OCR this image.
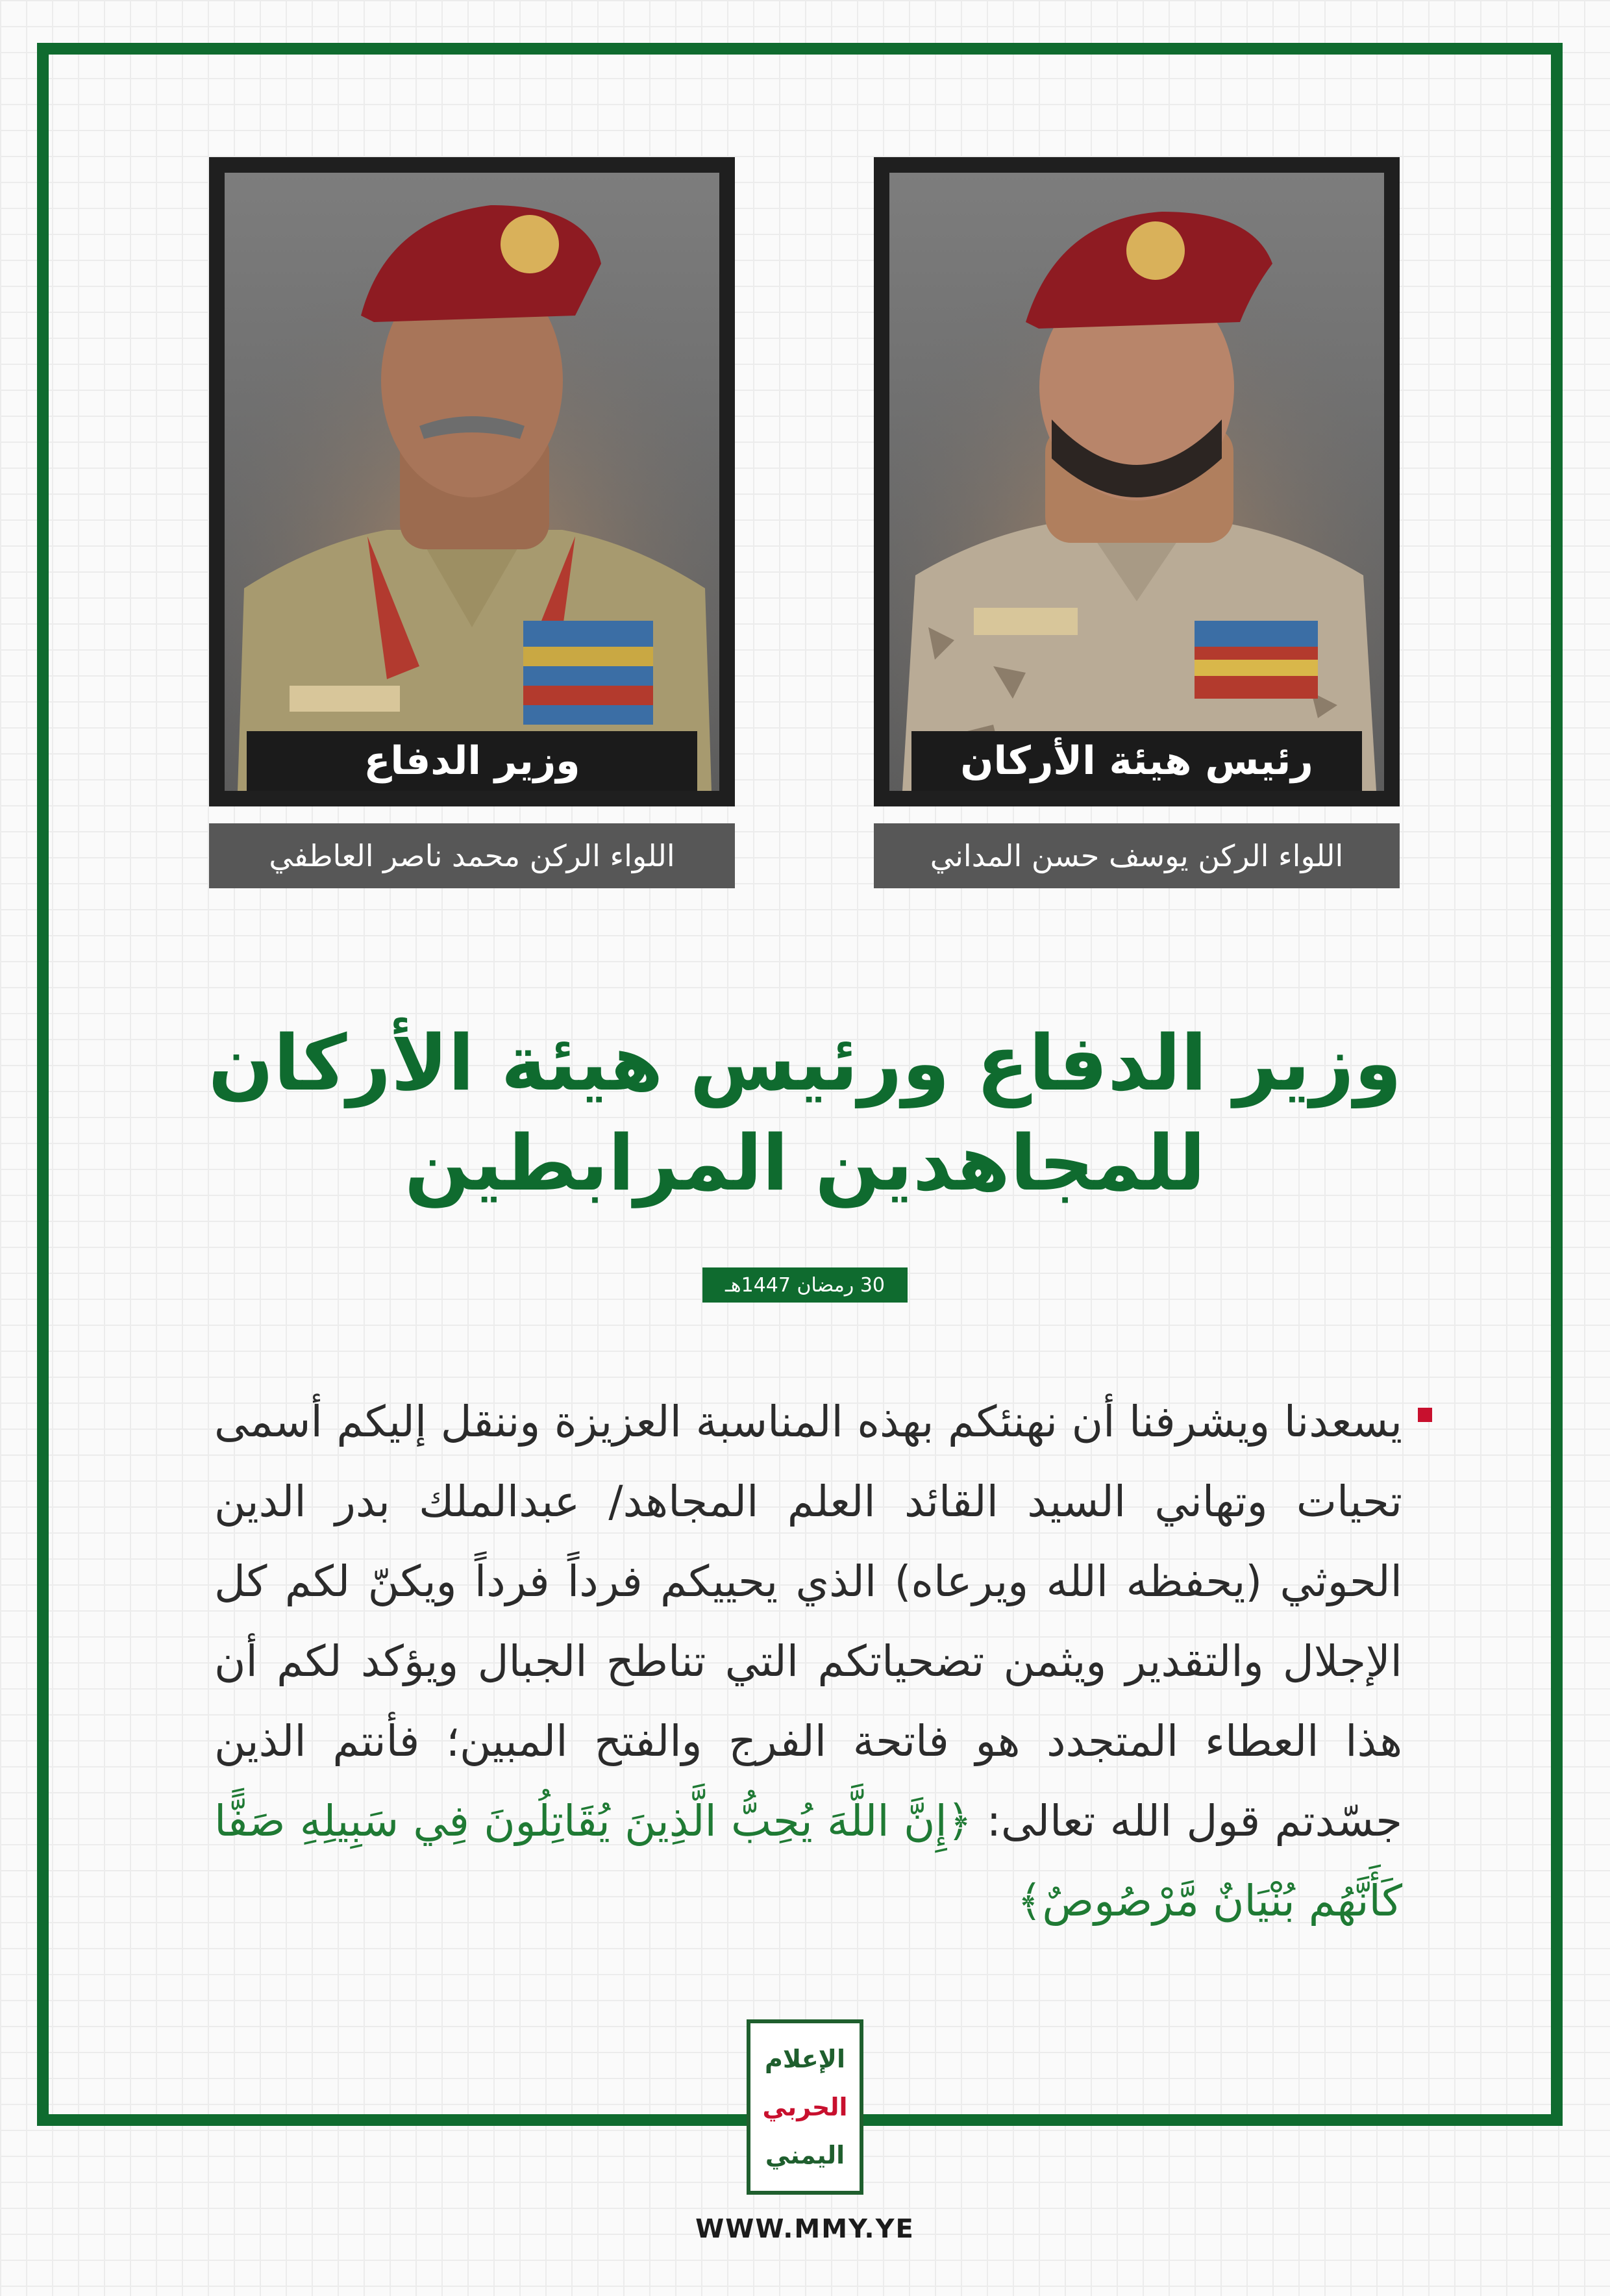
رئيس هيئة الأركان
اللواء الركن يوسف حسن المداني
وزير الدفاع
اللواء الركن محمد ناصر العاطفي
وزير الدفاع ورئيس هيئة الأركان
للمجاهدين المرابطين
30 رمضان 1447هـ
يسعدنا ويشرفنا أن نهنئكم بهذه المناسبة العزيزة وننقل إليكم أسمى تحيات وتهاني السيد القائد العلم المجاهد/ عبدالملك بدر الدين الحوثي (يحفظه الله ويرعاه) الذي يحييكم فرداً فرداً ويكنّ لكم كل الإجلال والتقدير ويثمن تضحياتكم التي تناطح الجبال ويؤكد لكم أن هذا العطاء المتجدد هو فاتحة الفرج والفتح المبين؛ فأنتم الذين جسّدتم قول الله تعالى: ﴿إِنَّ اللَّهَ يُحِبُّ الَّذِينَ يُقَاتِلُونَ فِي سَبِيلِهِ صَفًّا كَأَنَّهُم بُنْيَانٌ مَّرْصُوصٌ﴾
الإعلام
الحربي
اليمني
WWW.MMY.YE
